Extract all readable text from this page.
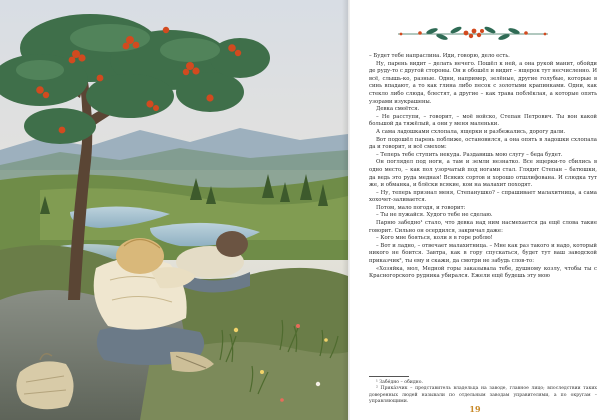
– Будет тебе напраслина. Иди, говорю, дело есть.

Ну, парень видит – делать нечего. Пошёл к ней, а она рукой манит, обойди де руду-то с другой стороны. Он и обошёл и видит – ящерок тут несчисленно. И всё, слышь-ко, разные. Одни, например, зелёные, другие голубые, которые в синь впадают, а то как глина либо песок с золотыми крапинками. Одни, как стекло либо слюда, блестят, а другие – как трава поблёклая, а которые опять узорами изукрашены.

Девка смеётся.

– Не расступи, – говорит, – моё войско, Степан Петрович. Ты вон какой большой да тяжёлый, а они у меня маленьки.

А сама ладошками схлопала, ящерки и разбежались, дорогу дали.

Вот подошёл парень поближе, остановился, а она опять в ладошки схлопала да и говорит, и всё смехом:

– Теперь тебе ступить некуда. Раздавишь мою слугу – беда будет.

Он поглядел под ноги, а там и земли незнатко. Все ящерки-то сбились в одно место, – как пол узорчатый под ногами стал. Глядит Степан – батюшки, да ведь это руда медная! Всяких сортов и хорошо отшлифована. И слюдка тут же, и обманка, и блёски всякие, кои на малахит походят.

– Ну, теперь признал меня, Степанушко? – спрашивает малахитница, а сама хохочет-заливается.

Потом, мало погодя, и говорит:

– Ты не пужайся. Худого тебе не сделаю.

Парню забедно¹ стало, что девка над ним насмехается да ещё слова такие говорит. Сильно он осердился, закричал даже:

– Кого мне бояться, коли я в горе роблю!

– Вот и ладно, – отвечает малахитница. – Мне как раз такого и надо, который никого не боится. Завтра, как в гору спускаться, будет тут ваш заводской приказчик², ты ему и скажи, да смотри не забудь слов-то:

«Хозяйка, мол, Медной горы заказывала тебе, душному козлу, чтобы ты с Красногорского рудника убирался. Ежели ещё будешь эту мою

¹ Забе́дно – обидно.

² Прика́зчик – представитель владельца на заводе, главное лицо; впоследствии таких доверенных людей называли по отдельным заводам управителями, а по округам – управляющими.

19
